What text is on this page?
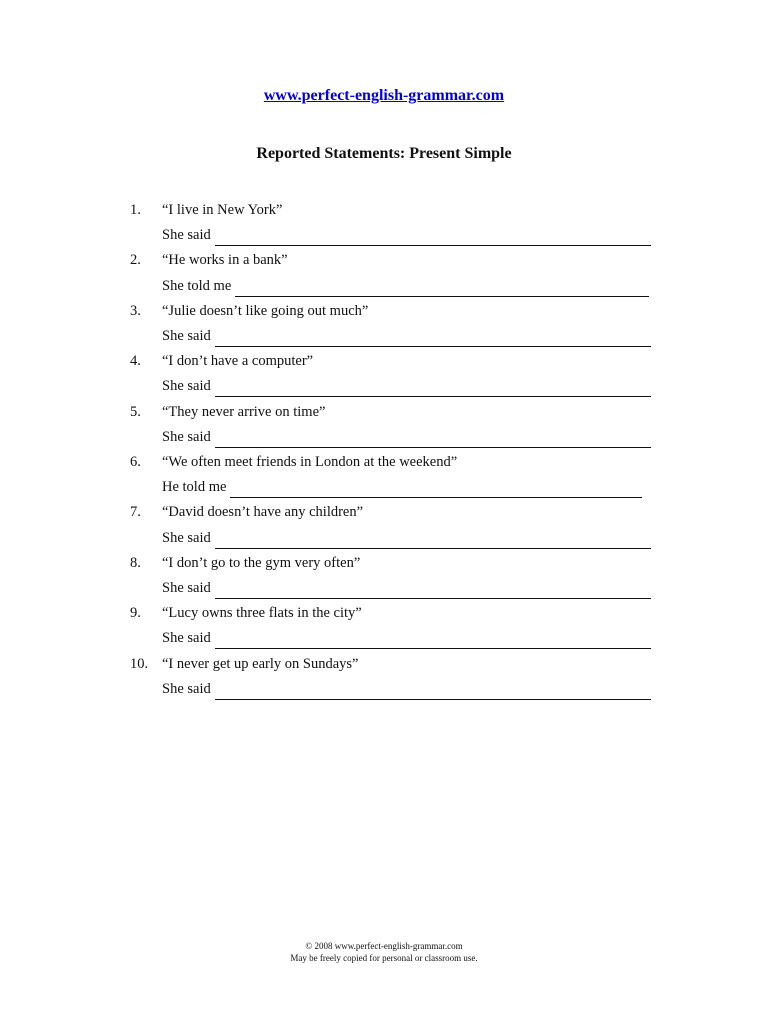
www.perfect-english-grammar.com
Reported Statements: Present Simple
1.	“I live in New York”
She said
2.	“He works in a bank”
She told me
3.	“Julie doesn’t like going out much”
She said
4.	“I don’t have a computer”
She said
5.	“They never arrive on time”
She said
6.	“We often meet friends in London at the weekend”
He told me
7.	“David doesn’t have any children”
She said
8.	“I don’t go to the gym very often”
She said
9.	“Lucy owns three flats in the city”
She said
10. “I never get up early on Sundays”
She said
© 2008 www.perfect-english-grammar.com
May be freely copied for personal or classroom use.
